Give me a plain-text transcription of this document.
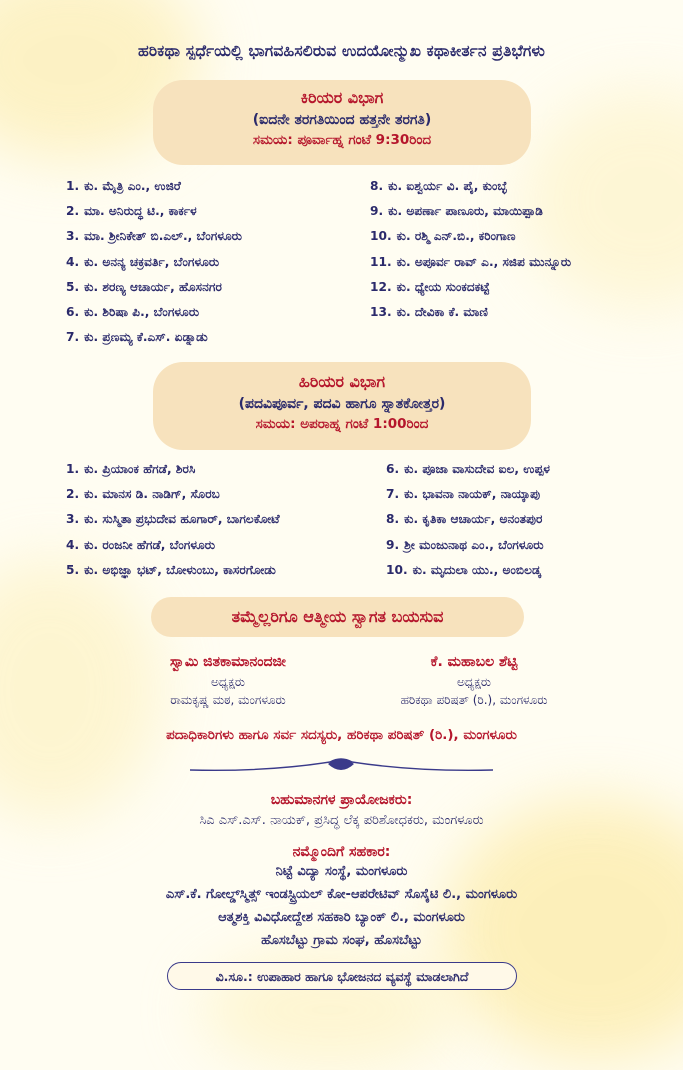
ಹರಿಕಥಾ ಸ್ಪರ್ಧೆಯಲ್ಲಿ ಭಾಗವಹಿಸಲಿರುವ ಉದಯೋನ್ಮುಖ ಕಥಾಕೀರ್ತನ ಪ್ರತಿಭೆಗಳು
ಕಿರಿಯರ ವಿಭಾಗ
(ಐದನೇ ತರಗತಿಯಿಂದ ಹತ್ತನೇ ತರಗತಿ)
ಸಮಯ: ಪೂರ್ವಾಹ್ನ ಗಂಟೆ 9:30ರಿಂದ
1. ಕು. ಮೈತ್ರಿ ಎಂ., ಉಜಿರೆ
2. ಮಾ. ಅನಿರುದ್ಧ ಟಿ., ಕಾರ್ಕಳ
3. ಮಾ. ಶ್ರೀನಿಕೇತ್ ಬಿ.ಎಲ್., ಬೆಂಗಳೂರು
4. ಕು. ಅನನ್ಯ ಚಕ್ರವರ್ತಿ, ಬೆಂಗಳೂರು
5. ಕು. ಶರಣ್ಯ ಆಚಾರ್ಯ, ಹೊಸನಗರ
6. ಕು. ಶಿರಿಷಾ ಪಿ., ಬೆಂಗಳೂರು
7. ಕು. ಪ್ರಣಮ್ಯ ಕೆ.ಎಸ್. ಏಡ್ನಾಡು
8. ಕು. ಐಶ್ವರ್ಯ ವಿ. ಪೈ, ಕುಂಬ್ಳೆ
9. ಕು. ಅಪರ್ಣಾ ಪಾಣೂರು, ಮಾಯಿಪ್ಪಾಡಿ
10. ಕು. ರಶ್ಮಿ ಎನ್.ಬಿ., ಕರಿಂಗಾಣ
11. ಕು. ಅಪೂರ್ವ ರಾವ್ ಎ., ಸಜಿಪ ಮುನ್ನೂರು
12. ಕು. ಧ್ಯೇಯ ಸುಂಕದಕಟ್ಟೆ
13. ಕು. ದೇವಿಕಾ ಕೆ. ಮಾಣಿ
ಹಿರಿಯರ ವಿಭಾಗ
(ಪದವಿಪೂರ್ವ, ಪದವಿ ಹಾಗೂ ಸ್ನಾತಕೋತ್ತರ)
ಸಮಯ: ಅಪರಾಹ್ನ ಗಂಟೆ 1:00ರಿಂದ
1. ಕು. ಪ್ರಿಯಾಂಕ ಹೆಗಡೆ, ಶಿರಸಿ
2. ಕು. ಮಾನಸ ಡಿ. ನಾಡಿಗ್, ಸೊರಬ
3. ಕು. ಸುಸ್ಮಿತಾ ಪ್ರಭುದೇವ ಹೂಗಾರ್, ಬಾಗಲಕೋಟೆ
4. ಕು. ರಂಜನೀ ಹೆಗಡೆ, ಬೆಂಗಳೂರು
5. ಕು. ಅಭಿಜ್ಞಾ ಭಟ್, ಬೋಳುಂಬು, ಕಾಸರಗೋಡು
6. ಕು. ಪೂಜಾ ವಾಸುದೇವ ಐಲ, ಉಪ್ಪಳ
7. ಕು. ಭಾವನಾ ನಾಯಕ್, ನಾಯ್ಕಾಪು
8. ಕು. ಕೃತಿಕಾ ಆಚಾರ್ಯ, ಅನಂತಪುರ
9. ಶ್ರೀ ಮಂಜುನಾಥ ಎಂ., ಬೆಂಗಳೂರು
10. ಕು. ಮೃದುಲಾ ಯು., ಅಂಬಿಲಡ್ಕ
ತಮ್ಮೆಲ್ಲರಿಗೂ ಆತ್ಮೀಯ ಸ್ವಾಗತ ಬಯಸುವ
ಸ್ವಾಮಿ ಜಿತಕಾಮಾನಂದಜೀ
ಅಧ್ಯಕ್ಷರು
ರಾಮಕೃಷ್ಣ ಮಠ, ಮಂಗಳೂರು
ಕೆ. ಮಹಾಬಲ ಶೆಟ್ಟಿ
ಅಧ್ಯಕ್ಷರು
ಹರಿಕಥಾ ಪರಿಷತ್ (ರಿ.), ಮಂಗಳೂರು
ಪದಾಧಿಕಾರಿಗಳು ಹಾಗೂ ಸರ್ವ ಸದಸ್ಯರು, ಹರಿಕಥಾ ಪರಿಷತ್ (ರಿ.), ಮಂಗಳೂರು
ಬಹುಮಾನಗಳ ಪ್ರಾಯೋಜಕರು:
ಸಿಎ ಎಸ್.ಎಸ್. ನಾಯಕ್, ಪ್ರಸಿದ್ಧ ಲೆಕ್ಕ ಪರಿಶೋಧಕರು, ಮಂಗಳೂರು
ನಮ್ಮೊಂದಿಗೆ ಸಹಕಾರ:
ನಿಟ್ಟೆ ವಿದ್ಯಾ ಸಂಸ್ಥೆ, ಮಂಗಳೂರು
ಎಸ್.ಕೆ. ಗೋಲ್ಡ್‌ಸ್ಮಿತ್ಸ್ ಇಂಡಸ್ಟ್ರಿಯಲ್ ಕೋ-ಆಪರೇಟಿವ್ ಸೊಸೈಟಿ ಲಿ., ಮಂಗಳೂರು
ಆತ್ಮಶಕ್ತಿ ವಿವಿಧೋದ್ದೇಶ ಸಹಕಾರಿ ಬ್ಯಾಂಕ್ ಲಿ., ಮಂಗಳೂರು
ಹೊಸಬೆಟ್ಟು ಗ್ರಾಮ ಸಂಘ, ಹೊಸಬೆಟ್ಟು
ವಿ.ಸೂ.: ಉಪಾಹಾರ ಹಾಗೂ ಭೋಜನದ ವ್ಯವಸ್ಥೆ ಮಾಡಲಾಗಿದೆ
